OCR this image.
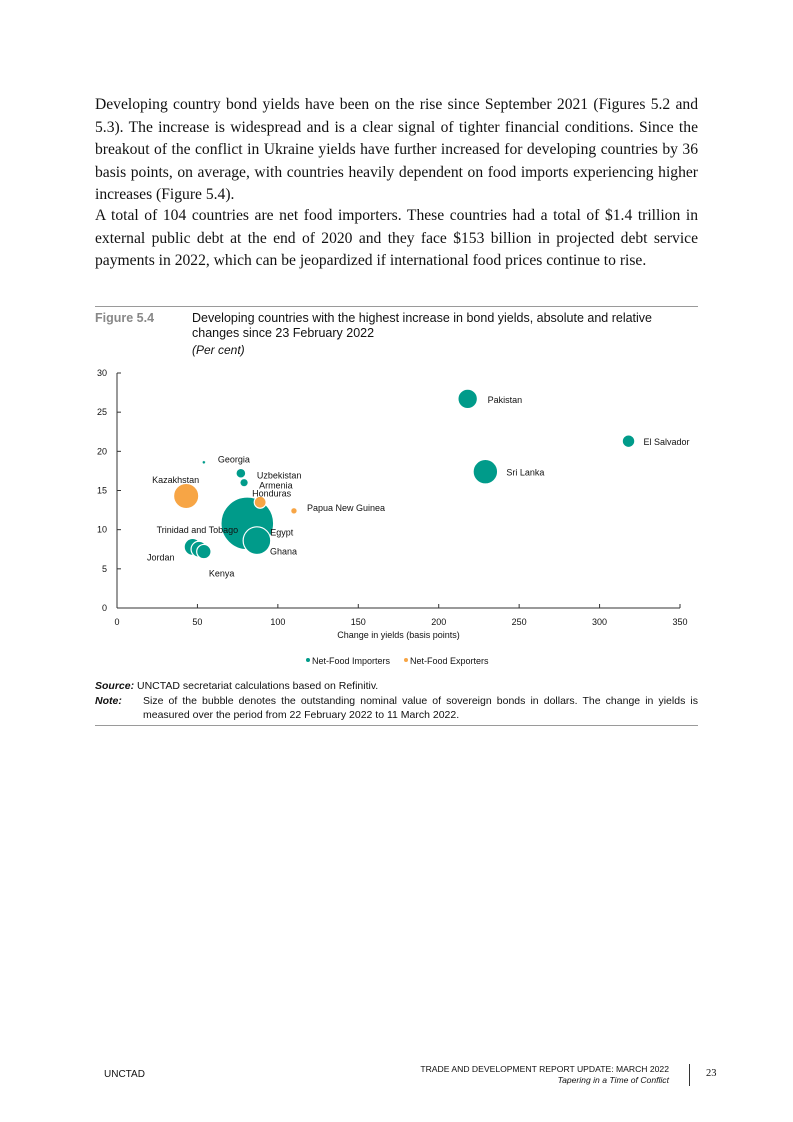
Developing country bond yields have been on the rise since September 2021 (Figures 5.2 and 5.3). The increase is widespread and is a clear signal of tighter financial conditions. Since the breakout of the conflict in Ukraine yields have further increased for developing countries by 36 basis points, on average, with countries heavily dependent on food imports experiencing higher increases (Figure 5.4).

A total of 104 countries are net food importers. These countries had a total of $1.4 trillion in external public debt at the end of 2020 and they face $153 billion in projected debt service payments in 2022, which can be jeopardized if international food prices continue to rise.

Figure 5.4	Developing countries with the highest increase in bond yields, absolute and relative changes since 23 February 2022
(Per cent)
0
5
10
15
20
25
30
0	50	100	150	200	250	300	350
Change in yields (basis points)
Pakistan
El Salvador
Sri Lanka
Georgia
Uzbekistan
Armenia
Egypt
Ghana
Trinidad and Tobago
Jordan
Kenya
Kazakhstan
Honduras
Papua New Guinea
Net-Food Importers Net-Food Exporters
Source: UNCTAD secretariat calculations based on Refinitiv.
Note: Size of the bubble denotes the outstanding nominal value of sovereign bonds in dollars. The change in yields is measured over the period from 22 February 2022 to 11 March 2022.
UNCTAD	TRADE AND DEVELOPMENT REPORT UPDATE: MARCH 2022
Tapering in a Time of Conflict
23
